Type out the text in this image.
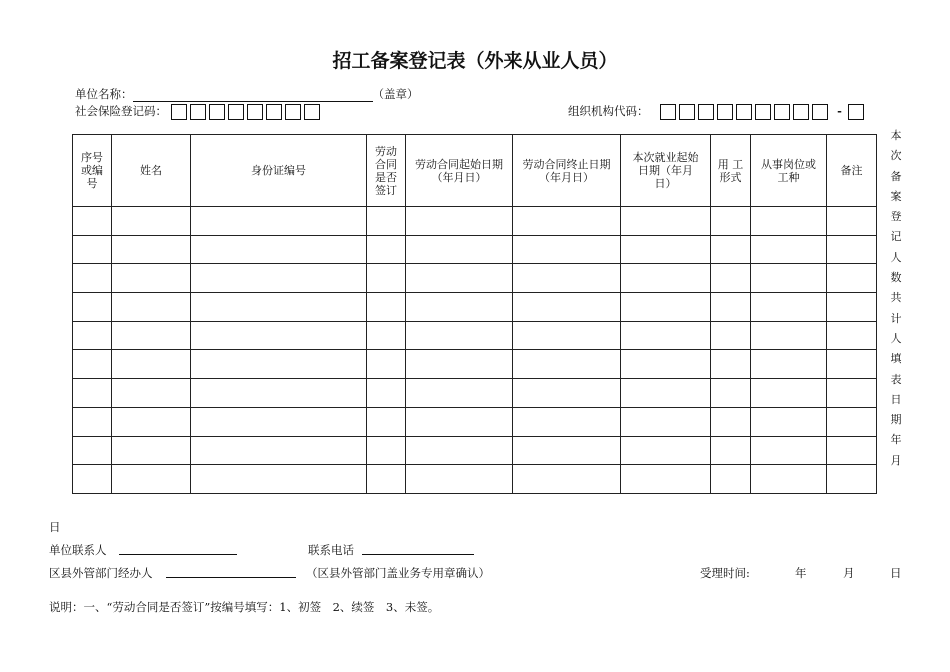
招工备案登记表（外来从业人员）
单位名称：	（盖章）
社会保险登记码：	组织机构代码：	-
序号或编号	姓名	身份证编号	劳动合同是否签订	劳动合同起始日期（年月日）	劳动合同终止日期（年月日）	本次就业起始日期（年月日）	用 工形式	从事岗位或工种	备注

本次备案登记人数共计人填表日期年月
日
单位联系人	联系电话
区县外管部门经办人	（区县外管部门盖业务专用章确认）	受理时间:	年	月	日
说明：一、“劳动合同是否签订”按编号填写：1、初签　2、续签　3、未签。
